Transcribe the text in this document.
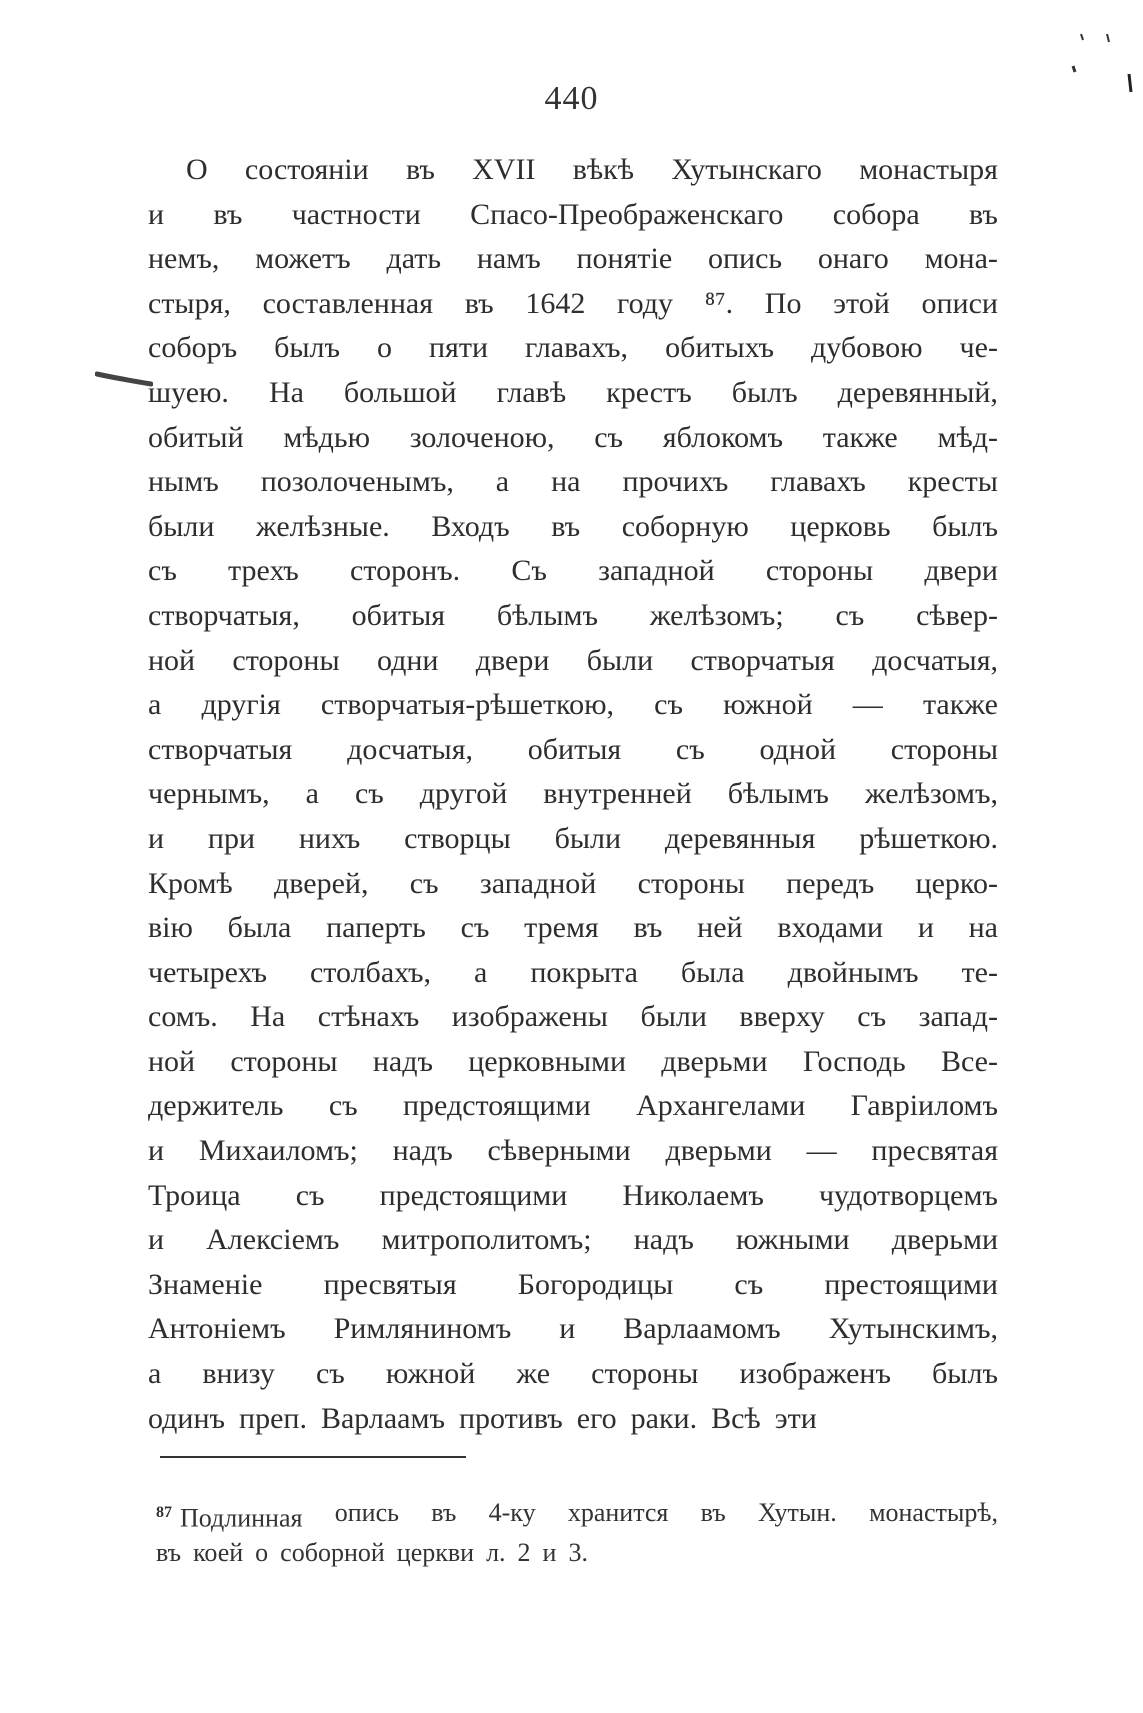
440
О состоянiи въ XVII вѣкѣ Хутынскаго монастыря
и въ частности Спасо-Преображенскаго собора въ
немъ, можетъ дать намъ понятiе опись онаго мона-
стыря, составленная въ 1642 году ⁸⁷. По этой описи
соборъ былъ о пяти главахъ, обитыхъ дубовою че-
шуею. На большой главѣ крестъ былъ деревянный,
обитый мѣдью золоченою, съ яблокомъ также мѣд-
нымъ позолоченымъ, а на прочихъ главахъ кресты
были желѣзные. Входъ въ соборную церковь былъ
съ трехъ сторонъ. Съ западной стороны двери
створчатыя, обитыя бѣлымъ желѣзомъ; съ сѣвер-
ной стороны одни двери были створчатыя досчатыя,
а другiя створчатыя-рѣшеткою, съ южной — также
створчатыя досчатыя, обитыя съ одной стороны
чернымъ, а съ другой внутренней бѣлымъ желѣзомъ,
и при нихъ створцы были деревянныя рѣшеткою.
Кромѣ дверей, съ западной стороны передъ церко-
вiю была паперть съ тремя въ ней входами и на
четырехъ столбахъ, а покрыта была двойнымъ те-
сомъ. На стѣнахъ изображены были вверху съ запад-
ной стороны надъ церковными дверьми Господь Все-
держитель съ предстоящими Архангелами Гаврiиломъ
и Михаиломъ; надъ сѣверными дверьми — пресвятая
Троица съ предстоящими Николаемъ чудотворцемъ
и Алексiемъ митрополитомъ; надъ южными дверьми
Знаменiе пресвятыя Богородицы съ престоящими
Антонiемъ Римляниномъ и Варлаамомъ Хутынскимъ,
а внизу съ южной же стороны изображенъ былъ
одинъ преп. Варлаамъ противъ его раки. Всѣ эти
$^{87}$ Подлинная опись въ 4-ку хранится въ Хутын. монастырѣ,
въ коей о соборной церкви л. 2 и 3.
